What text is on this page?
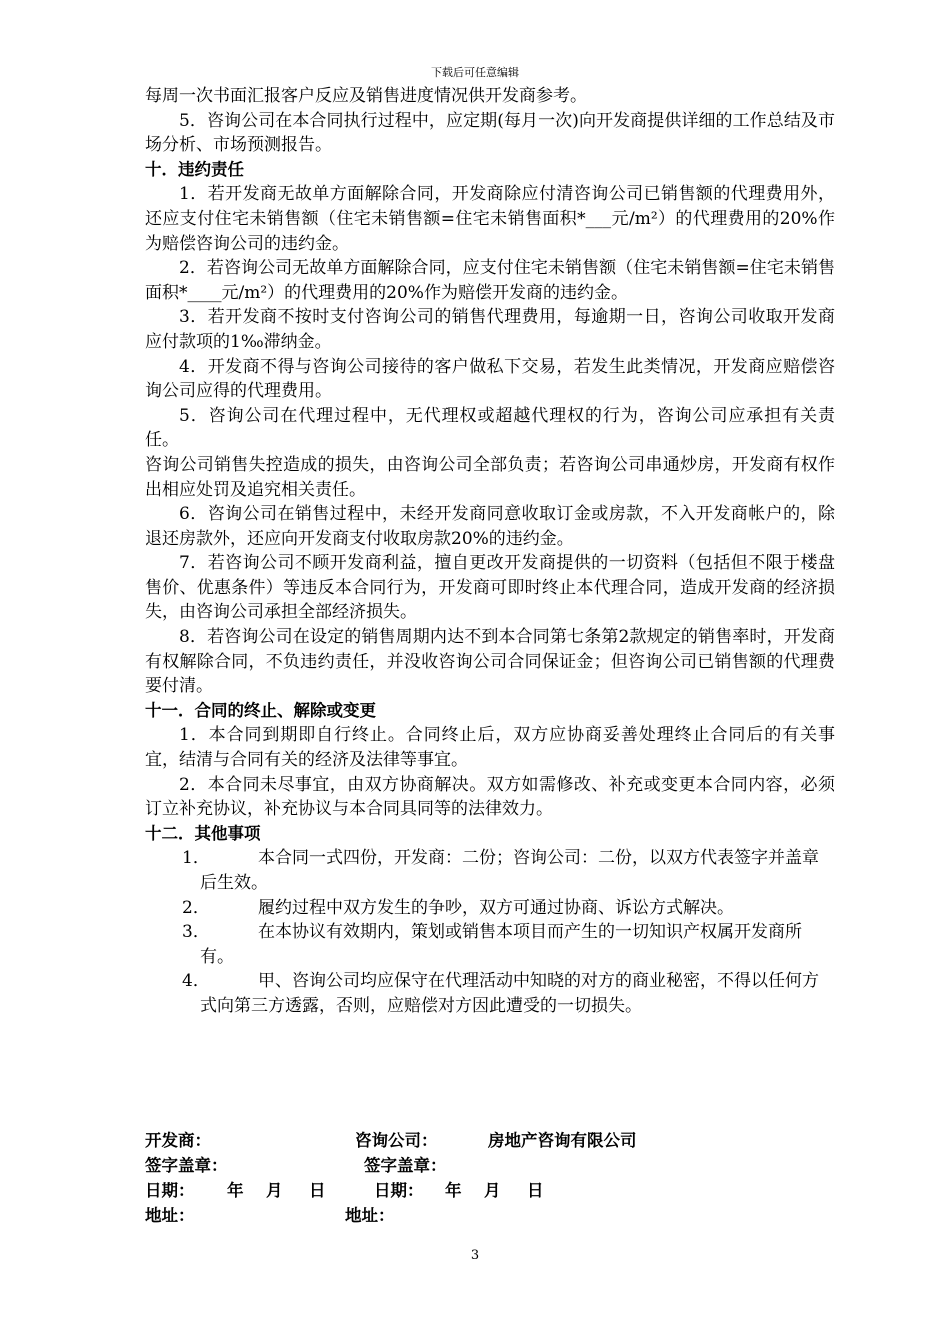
下载后可任意编辑

每周一次书面汇报客户反应及销售进度情况供开发商参考。

5．咨询公司在本合同执行过程中，应定期(每月一次)向开发商提供详细的工作总结及市场分析、市场预测报告。

十．违约责任

1．若开发商无故单方面解除合同，开发商除应付清咨询公司已销售额的代理费用外，还应支付住宅未销售额（住宅未销售额=住宅未销售面积*___元/m²）的代理费用的20%作为赔偿咨询公司的违约金。

2．若咨询公司无故单方面解除合同，应支付住宅未销售额（住宅未销售额=住宅未销售面积*____元/m²）的代理费用的20%作为赔偿开发商的违约金。

3．若开发商不按时支付咨询公司的销售代理费用，每逾期一日，咨询公司收取开发商应付款项的1‰滞纳金。

4．开发商不得与咨询公司接待的客户做私下交易，若发生此类情况，开发商应赔偿咨询公司应得的代理费用。

5．咨询公司在代理过程中，无代理权或超越代理权的行为，咨询公司应承担有关责任。

咨询公司销售失控造成的损失，由咨询公司全部负责；若咨询公司串通炒房，开发商有权作出相应处罚及追究相关责任。

6．咨询公司在销售过程中，未经开发商同意收取订金或房款，不入开发商帐户的，除退还房款外，还应向开发商支付收取房款20%的违约金。

7．若咨询公司不顾开发商利益，擅自更改开发商提供的一切资料（包括但不限于楼盘售价、优惠条件）等违反本合同行为，开发商可即时终止本代理合同，造成开发商的经济损失，由咨询公司承担全部经济损失。

8．若咨询公司在设定的销售周期内达不到本合同第七条第2款规定的销售率时，开发商有权解除合同，不负违约责任，并没收咨询公司合同保证金；但咨询公司已销售额的代理费要付清。

十一．合同的终止、解除或变更

1．本合同到期即自行终止。合同终止后，双方应协商妥善处理终止合同后的有关事宜，结清与合同有关的经济及法律等事宜。

2．本合同未尽事宜，由双方协商解决。双方如需修改、补充或变更本合同内容，必须订立补充协议，补充协议与本合同具同等的法律效力。

十二．其他事项

1．	本合同一式四份，开发商：二份；咨询公司：二份，以双方代表签字并盖章后生效。
2．	履约过程中双方发生的争吵，双方可通过协商、诉讼方式解决。
3．	在本协议有效期内，策划或销售本项目而产生的一切知识产权属开发商所有。
4．	甲、咨询公司均应保守在代理活动中知晓的对方的商业秘密，不得以任何方式向第三方透露，否则，应赔偿对方因此遭受的一切损失。
开发商：	咨询公司：	房地产咨询有限公司
签字盖章：	签字盖章：
日期： 年 月 日	日期： 年 月 日
地址：	地址：
3
